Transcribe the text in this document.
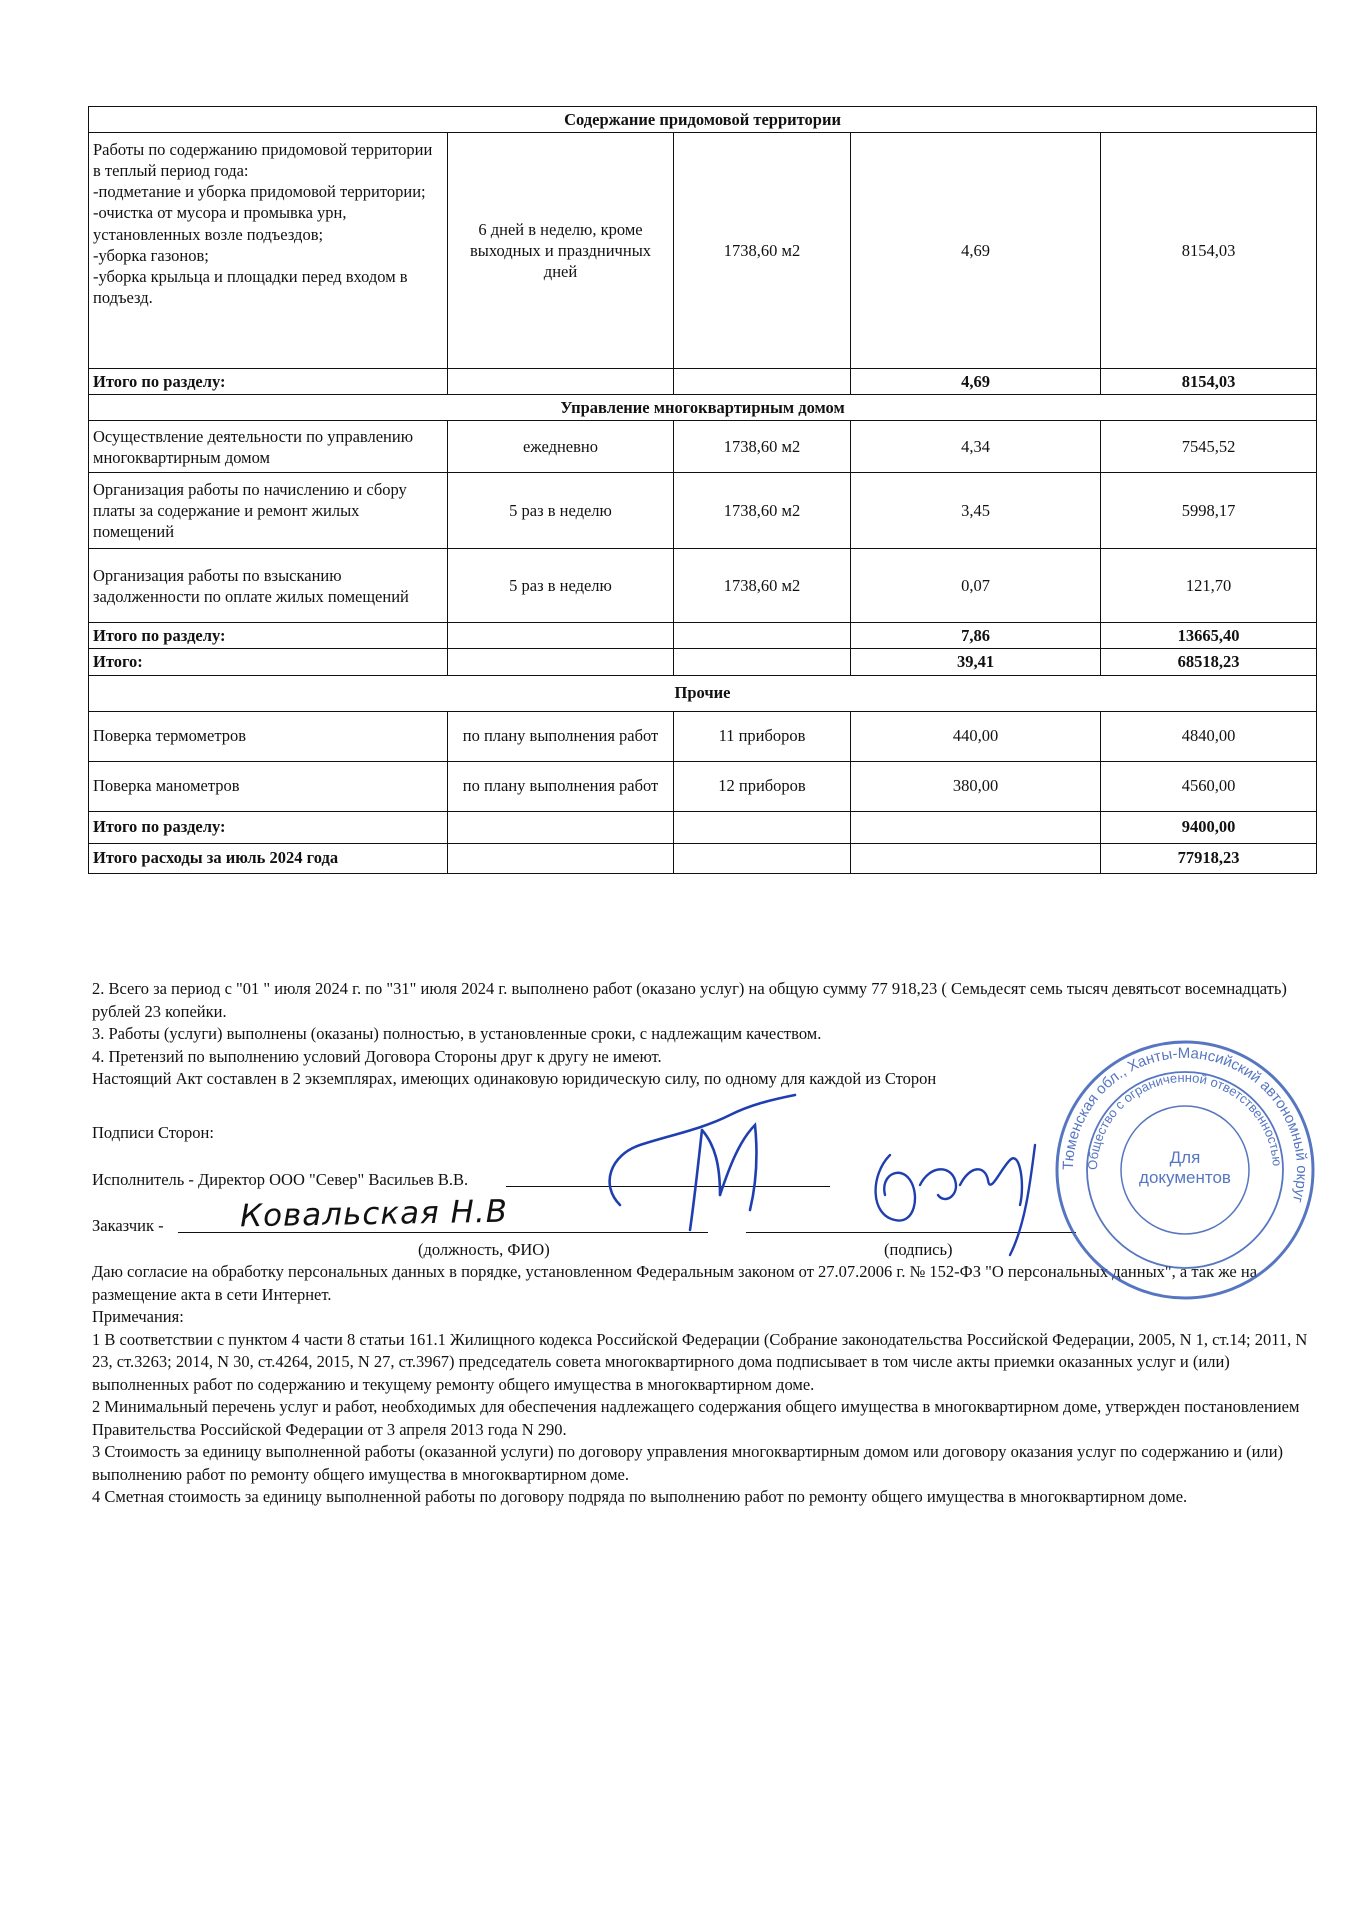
Содержание придомовой территории				
Работы по содержанию придомовой территории в теплый период года:
-подметание и уборка придомовой территории;
-очистка от мусора и промывка урн, установленных возле подъездов;
-уборка газонов;
-уборка крыльца и площадки перед входом в подъезд.	6 дней в неделю, кроме выходных и праздничных дней	1738,60 м2	4,69	8154,03
Итого по разделу:			4,69	8154,03
Управление многоквартирным домом				
Осуществление деятельности по управлению многоквартирным домом	ежедневно	1738,60 м2	4,34	7545,52
Организация работы по начислению и сбору платы за содержание и ремонт жилых помещений	5 раз в неделю	1738,60 м2	3,45	5998,17
Организация работы по взысканию задолженности по оплате жилых помещений	5 раз в неделю	1738,60 м2	0,07	121,70
Итого по разделу:			7,86	13665,40
Итого:			39,41	68518,23
Прочие				
Поверка термометров	по плану выполнения работ	11 приборов	440,00	4840,00
Поверка манометров	по плану выполнения работ	12 приборов	380,00	4560,00
Итого по разделу:				9400,00
Итого расходы за июль 2024 года				77918,23

2. Всего за период с "01 " июля 2024 г. по "31" июля 2024 г. выполнено работ (оказано услуг) на общую сумму 77 918,23 ( Семьдесят семь тысяч девятьсот восемнадцать) рублей 23 копейки.

3. Работы (услуги) выполнены (оказаны) полностью, в установленные сроки, с надлежащим качеством.

4. Претензий по выполнению условий Договора Стороны друг к другу не имеют.

Настоящий Акт составлен в 2 экземплярах, имеющих одинаковую юридическую силу, по одному для каждой из Сторон

Подписи Сторон:
Исполнитель - Директор ООО "Север" Васильев В.В.
Заказчик - Ковальская Н.В
(должность, ФИО)	(подпись)

Даю согласие на обработку персональных данных в порядке, установленном Федеральным законом от 27.07.2006 г. № 152-ФЗ "О персональных данных", а так же на размещение акта в сети Интернет.

Примечания:

1 В соответствии с пунктом 4 части 8 статьи 161.1 Жилищного кодекса Российской Федерации (Собрание законодательства Российской Федерации, 2005, N 1, ст.14; 2011, N 23, ст.3263; 2014, N 30, ст.4264, 2015, N 27, ст.3967) председатель совета многоквартирного дома подписывает в том числе акты приемки оказанных услуг и (или) выполненных работ по содержанию и текущему ремонту общего имущества в многоквартирном доме.

2 Минимальный перечень услуг и работ, необходимых для обеспечения надлежащего содержания общего имущества в многоквартирном доме, утвержден постановлением Правительства Российской Федерации от 3 апреля 2013 года N 290.

3 Стоимость за единицу выполненной работы (оказанной услуги) по договору управления многоквартирным домом или договору оказания услуг по содержанию и (или) выполнению работ по ремонту общего имущества в многоквартирном доме.

4 Сметная стоимость за единицу выполненной работы по договору подряда по выполнению работ по ремонту общего имущества в многоквартирном доме.

Тюменская обл., Ханты-Мансийский автономный округ
Общество с ограниченной ответственностью
Для
документов
